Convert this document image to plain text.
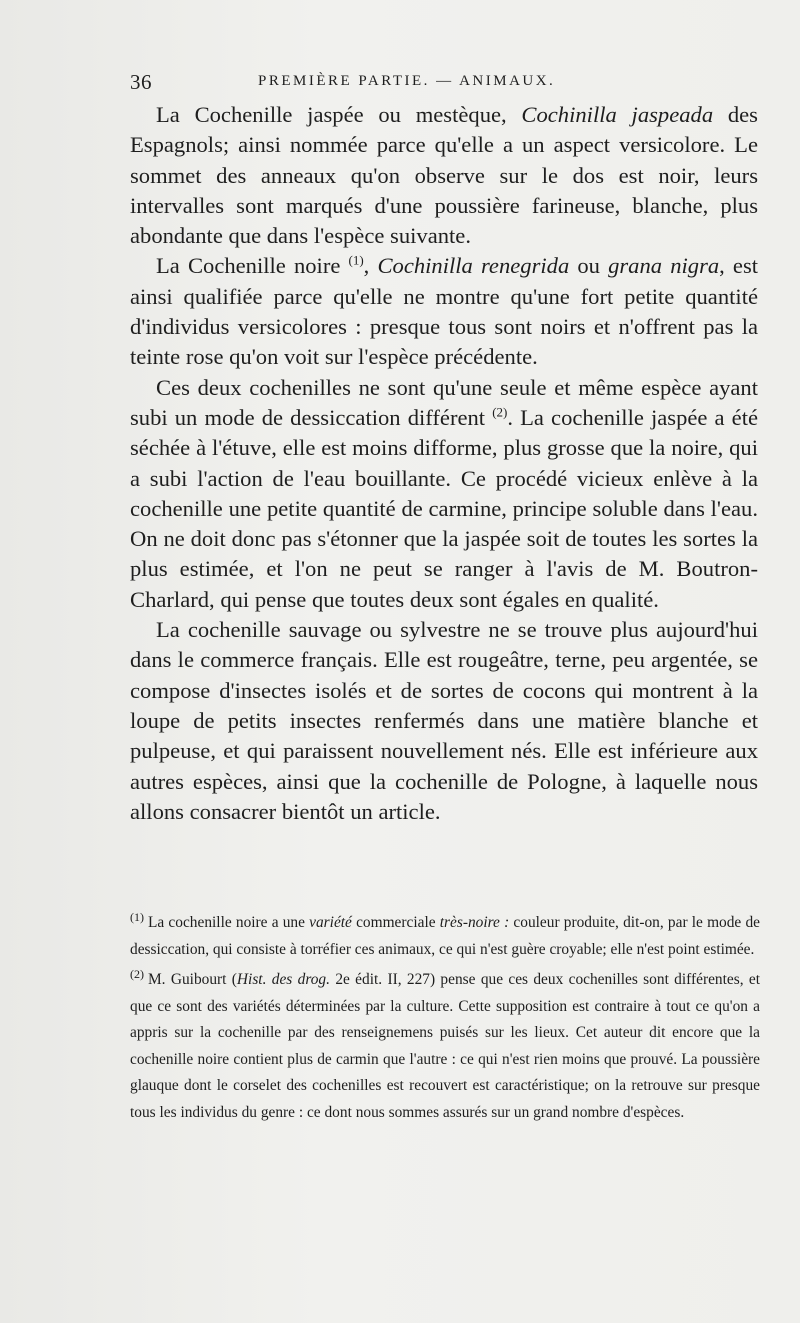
36	PREMIÈRE PARTIE. — ANIMAUX.

La Cochenille jaspée ou mestèque, Cochinilla jaspeada des Espagnols; ainsi nommée parce qu'elle a un aspect versicolore. Le sommet des anneaux qu'on observe sur le dos est noir, leurs intervalles sont marqués d'une poussière farineuse, blanche, plus abondante que dans l'espèce suivante.

La Cochenille noire $^{(1)}$, Cochinilla renegrida ou grana nigra, est ainsi qualifiée parce qu'elle ne montre qu'une fort petite quantité d'individus versicolores : presque tous sont noirs et n'offrent pas la teinte rose qu'on voit sur l'espèce précédente.

Ces deux cochenilles ne sont qu'une seule et même espèce ayant subi un mode de dessiccation différent $^{(2)}$. La cochenille jaspée a été séchée à l'étuve, elle est moins difforme, plus grosse que la noire, qui a subi l'action de l'eau bouillante. Ce procédé vicieux enlève à la cochenille une petite quantité de carmine, principe soluble dans l'eau. On ne doit donc pas s'étonner que la jaspée soit de toutes les sortes la plus estimée, et l'on ne peut se ranger à l'avis de M. Boutron-Charlard, qui pense que toutes deux sont égales en qualité.

La cochenille sauvage ou sylvestre ne se trouve plus aujourd'hui dans le commerce français. Elle est rougeâtre, terne, peu argentée, se compose d'insectes isolés et de sortes de cocons qui montrent à la loupe de petits insectes renfermés dans une matière blanche et pulpeuse, et qui paraissent nouvellement nés. Elle est inférieure aux autres espèces, ainsi que la cochenille de Pologne, à laquelle nous allons consacrer bientôt un article.

$^{(1)}$ La cochenille noire a une variété commerciale très-noire : couleur produite, dit-on, par le mode de dessiccation, qui consiste à torréfier ces animaux, ce qui n'est guère croyable; elle n'est point estimée.

$^{(2)}$ M. Guibourt (Hist. des drog. 2e édit. II, 227) pense que ces deux cochenilles sont différentes, et que ce sont des variétés déterminées par la culture. Cette supposition est contraire à tout ce qu'on a appris sur la cochenille par des renseignemens puisés sur les lieux. Cet auteur dit encore que la cochenille noire contient plus de carmin que l'autre : ce qui n'est rien moins que prouvé. La poussière glauque dont le corselet des cochenilles est recouvert est caractéristique; on la retrouve sur presque tous les individus du genre : ce dont nous sommes assurés sur un grand nombre d'espèces.
